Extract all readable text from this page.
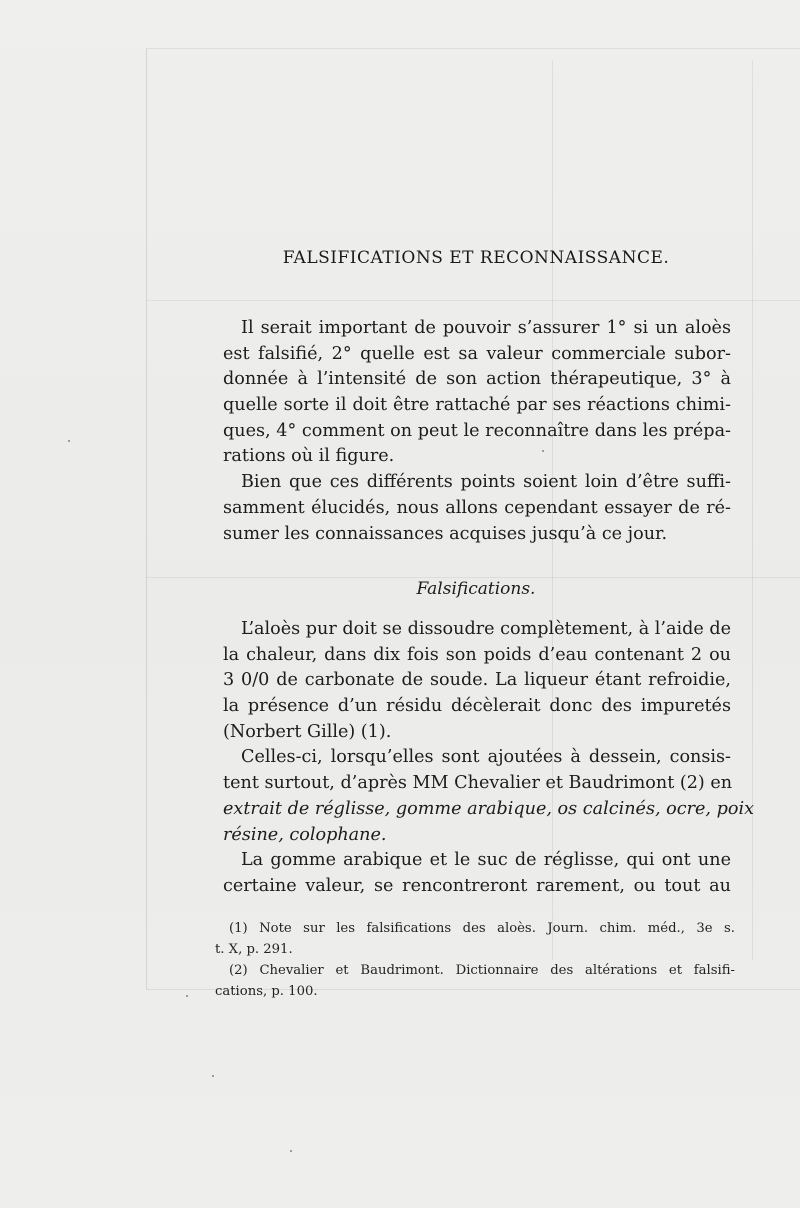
FALSIFICATIONS ET RECONNAISSANCE.
Il serait important de pouvoir s’assurer 1° si un aloès
est falsifié, 2° quelle est sa valeur commerciale subor-
donnée à l’intensité de son action thérapeutique, 3° à
quelle sorte il doit être rattaché par ses réactions chimi-
ques, 4° comment on peut le reconnaître dans les prépa-
rations où il figure.
Bien que ces différents points soient loin d’être suffi-
samment élucidés, nous allons cependant essayer de ré-
sumer les connaissances acquises jusqu’à ce jour.
Falsifications.
L’aloès pur doit se dissoudre complètement, à l’aide de
la chaleur, dans dix fois son poids d’eau contenant 2 ou
3 0/0 de carbonate de soude. La liqueur étant refroidie,
la présence d’un résidu décèlerait donc des impuretés
(Norbert Gille) (1).
Celles-ci, lorsqu’elles sont ajoutées à dessein, consis-
tent surtout, d’après MM Chevalier et Baudrimont (2) en
extrait de réglisse, gomme arabique, os calcinés, ocre, poix
résine, colophane.
La gomme arabique et le suc de réglisse, qui ont une
certaine valeur, se rencontreront rarement, ou tout au
(1) Note sur les falsifications des aloès. Journ. chim. méd., 3e s.
t. X, p. 291.
(2) Chevalier et Baudrimont. Dictionnaire des altérations et falsifi-
cations, p. 100.
